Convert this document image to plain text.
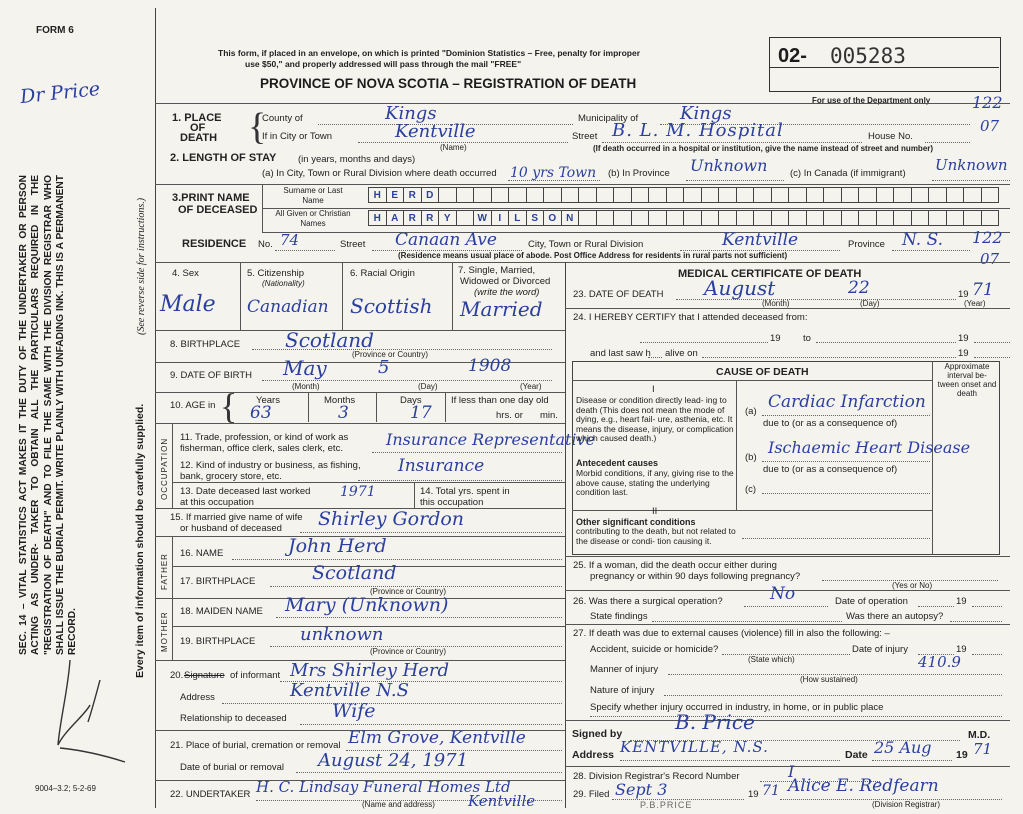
FORM 6
Dr Price
SEC. 14 – VITAL STATISTICS ACT MAKES IT THE DUTY OF THE UNDERTAKER OR PERSON ACTING AS UNDER- TAKER TO OBTAIN ALL THE PARTICULARS REQUIRED IN THE "REGISTRATION OF DEATH" AND TO FILE THE SAME WITH THE DIVISION REGISTRAR WHO SHALL ISSUE THE BURIAL PERMIT. WRITE PLAINLY WITH UNFADING INK. THIS IS A PERMANENT RECORD.	Every item of information should be carefully supplied.
(See reverse side for instructions.)
9004–3.2; 5-2-69
This form, if placed in an envelope, on which is printed "Dominion Statistics – Free, penalty for improper
use $50," and properly addressed will pass through the mail "FREE"
PROVINCE OF NOVA SCOTIA – REGISTRATION OF DEATH
02- 005283
For use of the Department only	122
07
1. PLACE
OF
DEATH {
County of	Kings	Municipality of Kings
If in City or Town	Kentville
(Name)
Street B. L. M. Hospital	House No.
(If death occurred in a hospital or institution, give the name instead of street and number)
2. LENGTH OF STAY (in years, months and days)
(a) In City, Town or Rural Division where death occurred 10 yrs Town (b) In Province Unknown (c) In Canada (if immigrant) Unknown
3.PRINT NAME
OF DECEASED
Surname or Last Name
All Given or Christian Names
H	E	R	D
H	A	R	R	Y	W	I	L	S	O N
RESIDENCE No. 74	Street Canaan Ave	City, Town or Rural Division	Kentville	Province N. S. 122
07
(Residence means usual place of abode. Post Office Address for residents in rural parts not sufficient)
4. Sex
Male
5. Citizenship
(Nationality)
Canadian
6. Racial Origin
Scottish
7. Single, Married,
Widowed or Divorced
(write the word)
Married
8. BIRTHPLACE Scotland
(Province or Country)
9. DATE OF BIRTH May	5	1908
(Month)	(Day)	(Year)
10. AGE in { Years	Months	Days
63	3	17
If less than one day old
hrs. or min.
OCCUPATION
11. Trade, profession, or kind of work as
fisherman, office clerk, sales clerk, etc.	Insurance Representative
12. Kind of industry or business, as fishing,
bank, grocery store, etc.
Insurance
13. Date deceased last worked
at this occupation
1971	14. Total yrs. spent in
this occupation
15. If married give name of wife
or husband of deceased Shirley Gordon
FATHER 16. NAME	John Herd
17. BIRTHPLACE	Scotland
(Province or Country)
MOTHER 18. MAIDEN NAME Mary (Unknown)
19. BIRTHPLACE unknown
(Province or Country)
20. Signature of informant Mrs Shirley Herd
Address	Kentville N.S
Relationship to deceased Wife
21. Place of burial, cremation or removal Elm Grove, Kentville
Date of burial or removal August 24, 1971
22. UNDERTAKER H. C. Lindsay Funeral Homes Ltd
Kentville
(Name and address)
MEDICAL CERTIFICATE OF DEATH
23. DATE OF DEATH August	22	19 71
(Month)	(Day)	(Year)
24. I HEREBY CERTIFY that I attended deceased from:
19 to	19
and last saw h alive on	19
CAUSE OF DEATH	Approximate interval be- tween onset and death
I
Disease or condition directly lead- ing to death (This does not mean the mode of dying, e.g., heart fail- ure, asthenia, etc. It means the disease, injury, or complication which caused death.)
(a) Cardiac Infarction
due to (or as a consequence of)
Antecedent causes
Morbid conditions, if any, giving rise to the above cause, stating the underlying condition last.
(b)
Ischaemic Heart Disease
due to (or as a consequence of)
(c)
II
Other significant conditions
contributing to the death, but not related to the disease or condi- tion causing it.
25. If a woman, did the death occur either during
pregnancy or within 90 days following pregnancy?
(Yes or No)
26. Was there a surgical operation?	No	Date of operation	19
State findings	Was there an autopsy?
27. If death was due to external causes (violence) fill in also the following: –
Accident, suicide or homicide?
(State which)
Date of injury	19
410.9
Manner of injury
(How sustained)
Nature of injury
Specify whether injury occurred in industry, in home, or in public place
Signed by	B. Price
M.D.
Address KENTVILLE, N.S.	Date 25 Aug 19 71
28. Division Registrar's Record Number	I
29. Filed Sept 3	19 71 Alice E. Redfearn
(Division Registrar)
P.B.PRICE
